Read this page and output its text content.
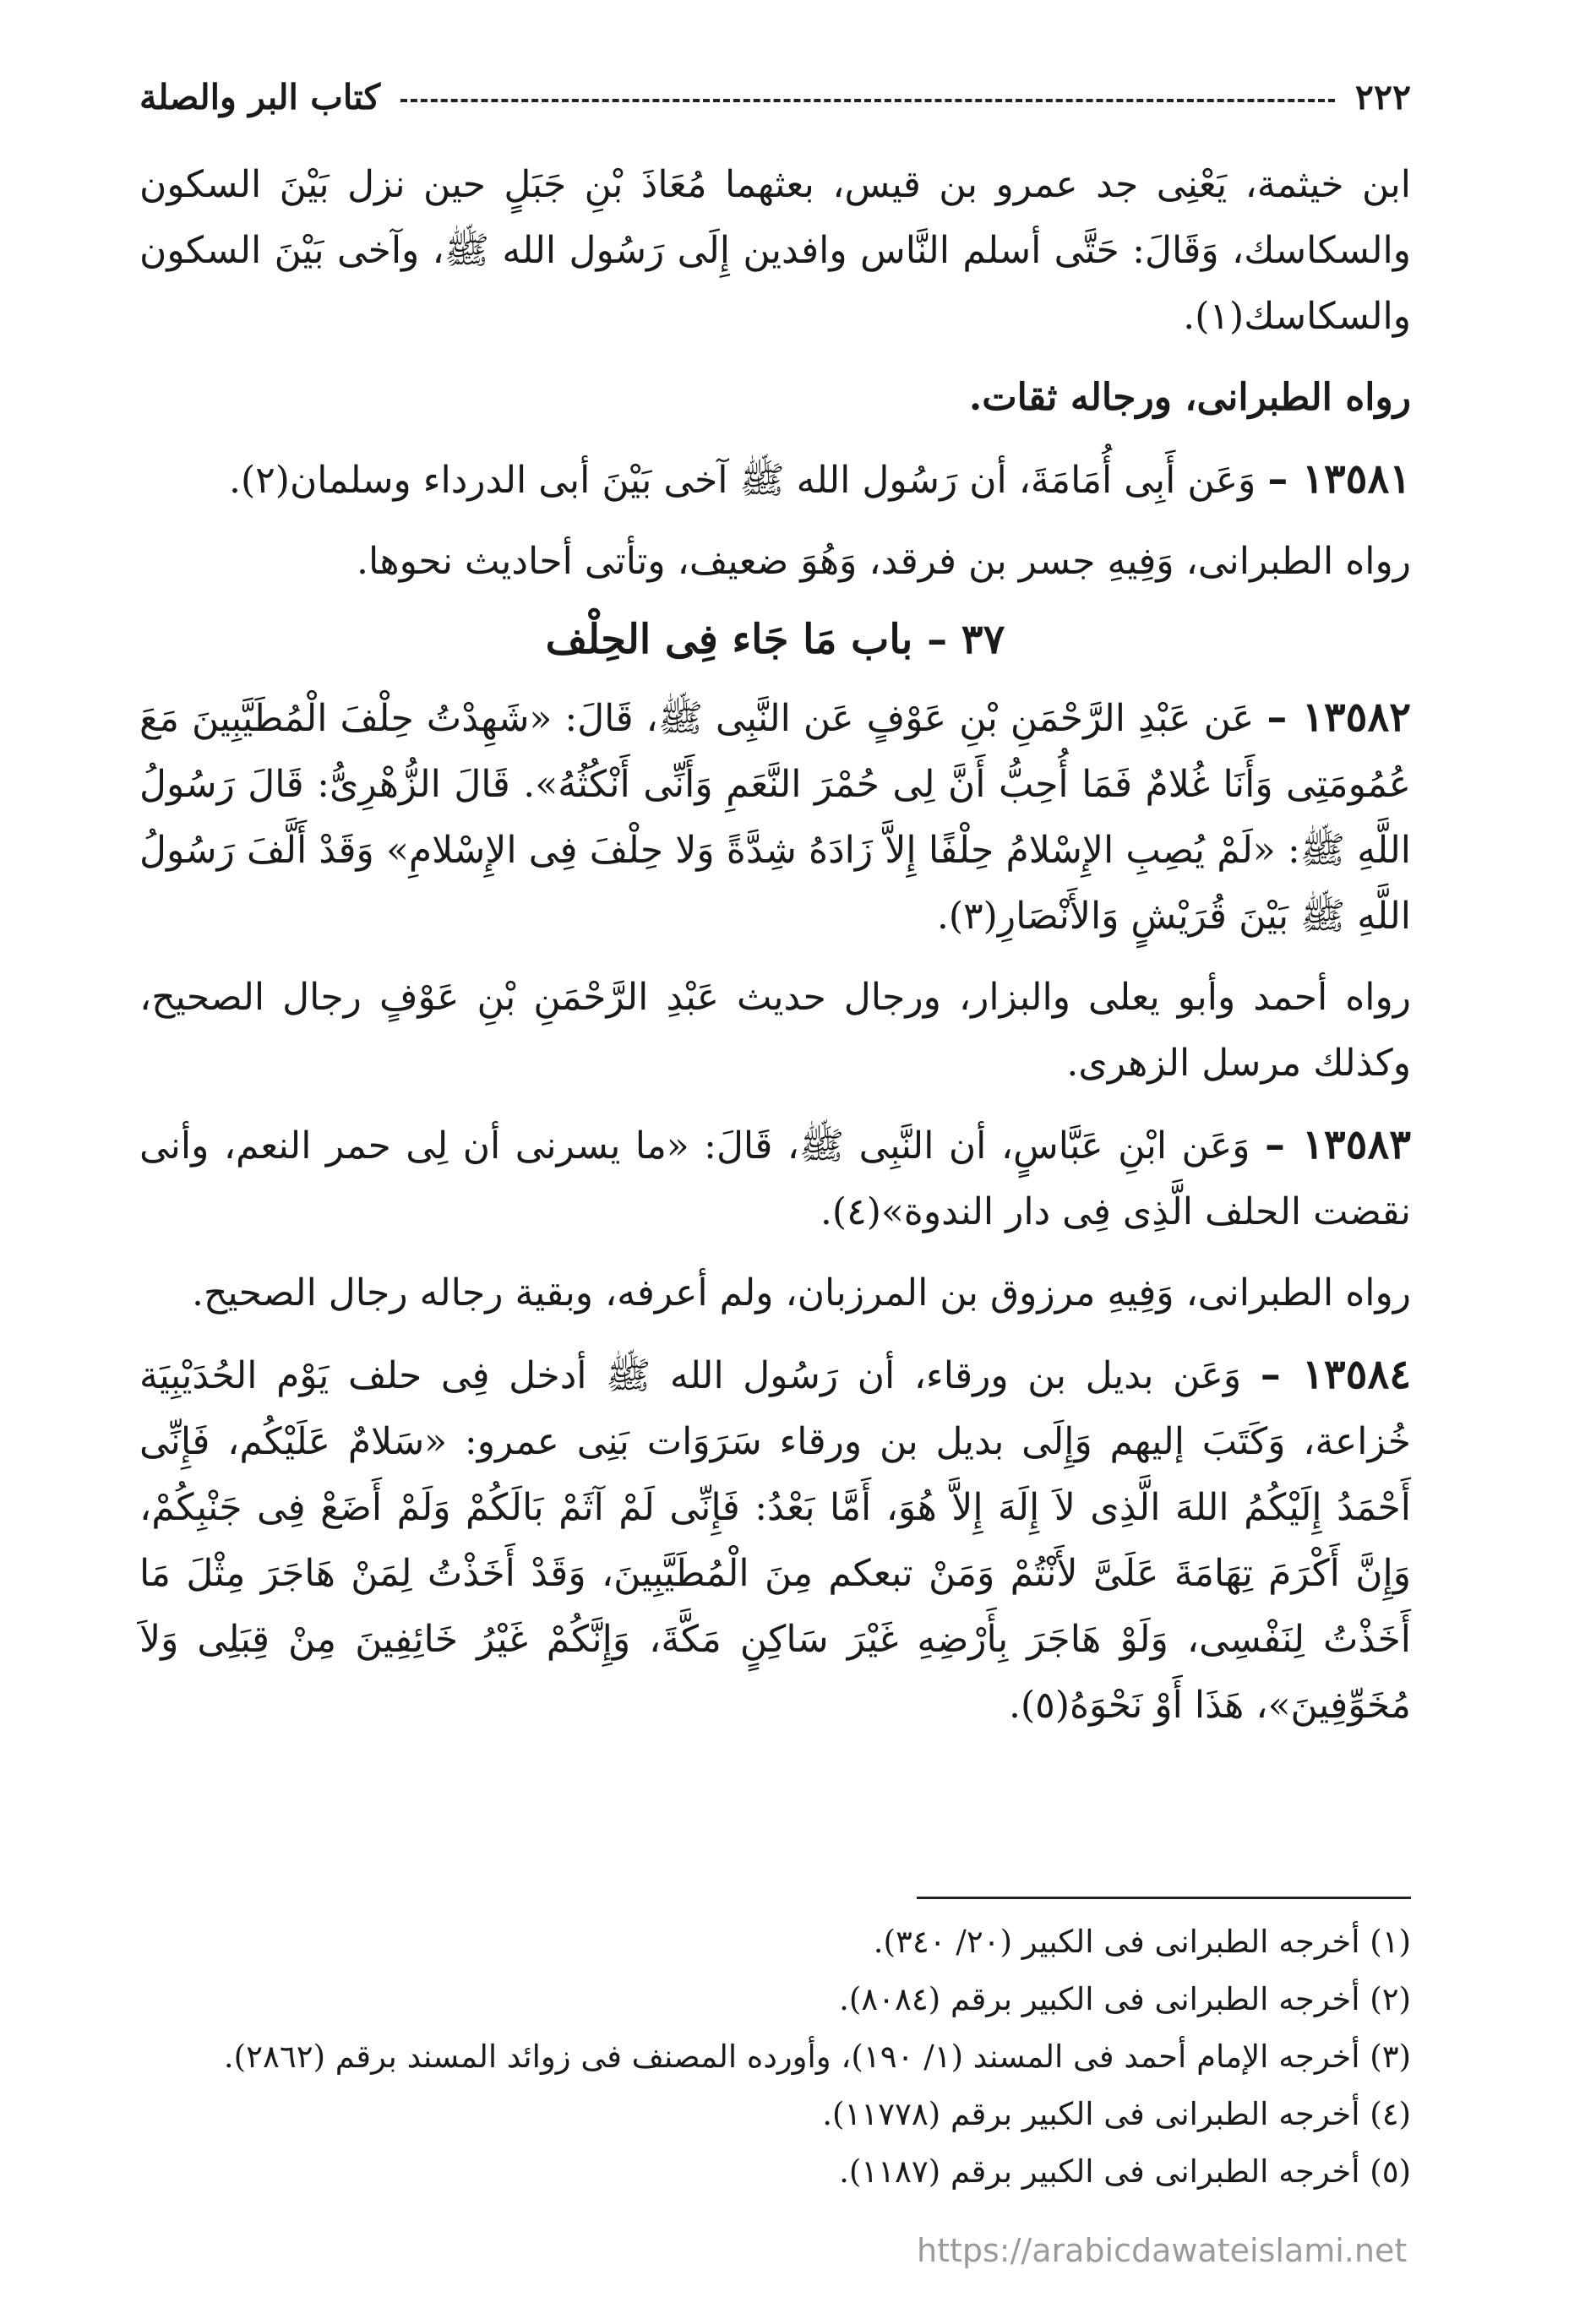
٢٢٢
كتاب البر والصلة

ابن خيثمة، يَعْنِى جد عمرو بن قيس، بعثهما مُعَاذَ بْنِ جَبَلٍ حين نزل بَيْنَ السكون والسكاسك، وَقَالَ: حَتَّى أسلم النَّاس وافدين إِلَى رَسُول الله ﷺ، وآخى بَيْنَ السكون والسكاسك(١).

رواه الطبرانى، ورجاله ثقات.

١٣٥٨١ – وَعَن أَبِى أُمَامَةَ، أن رَسُول الله ﷺ آخى بَيْنَ أبى الدرداء وسلمان(٢).

رواه الطبرانى، وَفِيهِ جسر بن فرقد، وَهُوَ ضعيف، وتأتى أحاديث نحوها.

٣٧ – باب مَا جَاء فِى الحِلْف

١٣٥٨٢ – عَن عَبْدِ الرَّحْمَنِ بْنِ عَوْفٍ عَن النَّبِى ﷺ، قَالَ: «شَهِدْتُ حِلْفَ الْمُطَيَّبِينَ مَعَ عُمُومَتِى وَأَنَا غُلامٌ فَمَا أُحِبُّ أَنَّ لِى حُمْرَ النَّعَمِ وَأَنِّى أَنْكُثُهُ». قَالَ الزُّهْرِىُّ: قَالَ رَسُولُ اللَّهِ ﷺ: «لَمْ يُصِبِ الإِسْلامُ حِلْفًا إِلاَّ زَادَهُ شِدَّةً وَلا حِلْفَ فِى الإِسْلامِ» وَقَدْ أَلَّفَ رَسُولُ اللَّهِ ﷺ بَيْنَ قُرَيْشٍ وَالأَنْصَارِ(٣).

رواه أحمد وأبو يعلى والبزار، ورجال حديث عَبْدِ الرَّحْمَنِ بْنِ عَوْفٍ رجال الصحيح، وكذلك مرسل الزهرى.

١٣٥٨٣ – وَعَن ابْنِ عَبَّاسٍ، أن النَّبِى ﷺ، قَالَ: «ما يسرنى أن لِى حمر النعم، وأنى نقضت الحلف الَّذِى فِى دار الندوة»(٤).

رواه الطبرانى، وَفِيهِ مرزوق بن المرزبان، ولم أعرفه، وبقية رجاله رجال الصحيح.

١٣٥٨٤ – وَعَن بديل بن ورقاء، أن رَسُول الله ﷺ أدخل فِى حلف يَوْم الحُدَيْبِيَة خُزاعة، وَكَتَبَ إليهم وَإِلَى بديل بن ورقاء سَرَوَات بَنِى عمرو: «سَلامٌ عَلَيْكُم، فَإِنِّى أَحْمَدُ إِلَيْكُمُ اللهَ الَّذِى لاَ إِلَهَ إِلاَّ هُوَ، أَمَّا بَعْدُ: فَإِنِّى لَمْ آثَمْ بَالَكُمْ وَلَمْ أَضَعْ فِى جَنْبِكُمْ، وَإِنَّ أَكْرَمَ تِهَامَةَ عَلَىَّ لأَنْتُمْ وَمَنْ تبعكم مِنَ الْمُطَيَّبِينَ، وَقَدْ أَخَذْتُ لِمَنْ هَاجَرَ مِثْلَ مَا أَخَذْتُ لِنَفْسِى، وَلَوْ هَاجَرَ بِأَرْضِهِ غَيْرَ سَاكِنٍ مَكَّةَ، وَإِنَّكُمْ غَيْرُ خَائِفِينَ مِنْ قِبَلِى وَلاَ مُخَوِّفِينَ»، هَذَا أَوْ نَحْوَهُ(٥).

(١) أخرجه الطبرانى فى الكبير (٢٠/ ٣٤٠).
(٢) أخرجه الطبرانى فى الكبير برقم (٨٠٨٤).
(٣) أخرجه الإمام أحمد فى المسند (١/ ١٩٠)، وأورده المصنف فى زوائد المسند برقم (٢٨٦٢).
(٤) أخرجه الطبرانى فى الكبير برقم (١١٧٧٨).
(٥) أخرجه الطبرانى فى الكبير برقم (١١٨٧).
https://arabicdawateislami.net
